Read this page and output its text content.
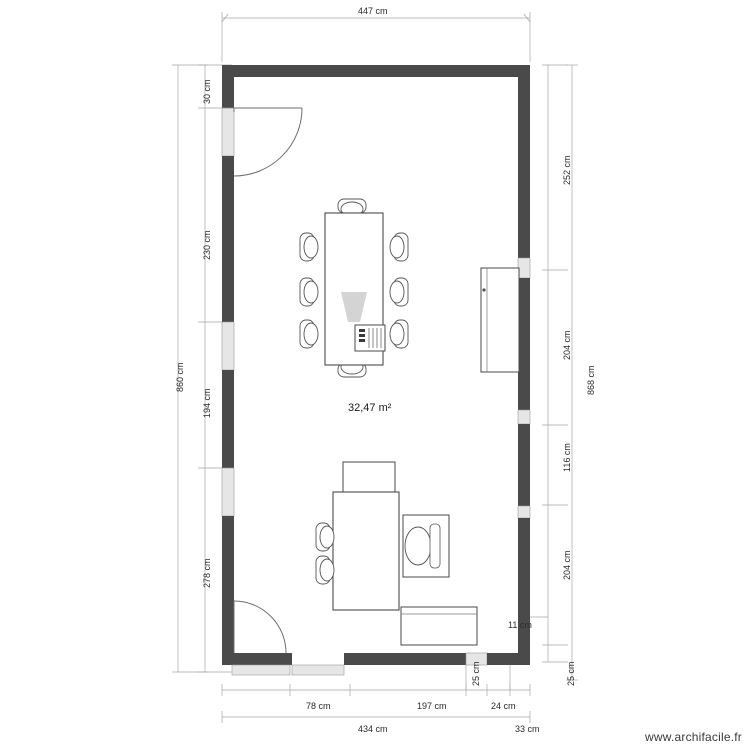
32,47 m²
447 cm
30 cm
230 cm
194 cm
278 cm
860 cm
252 cm
204 cm
116 cm
204 cm
11 cm
25 cm
868 cm
78 cm	197 cm
25 cm
24 cm
33 cm
434 cm
www.archifacile.fr
